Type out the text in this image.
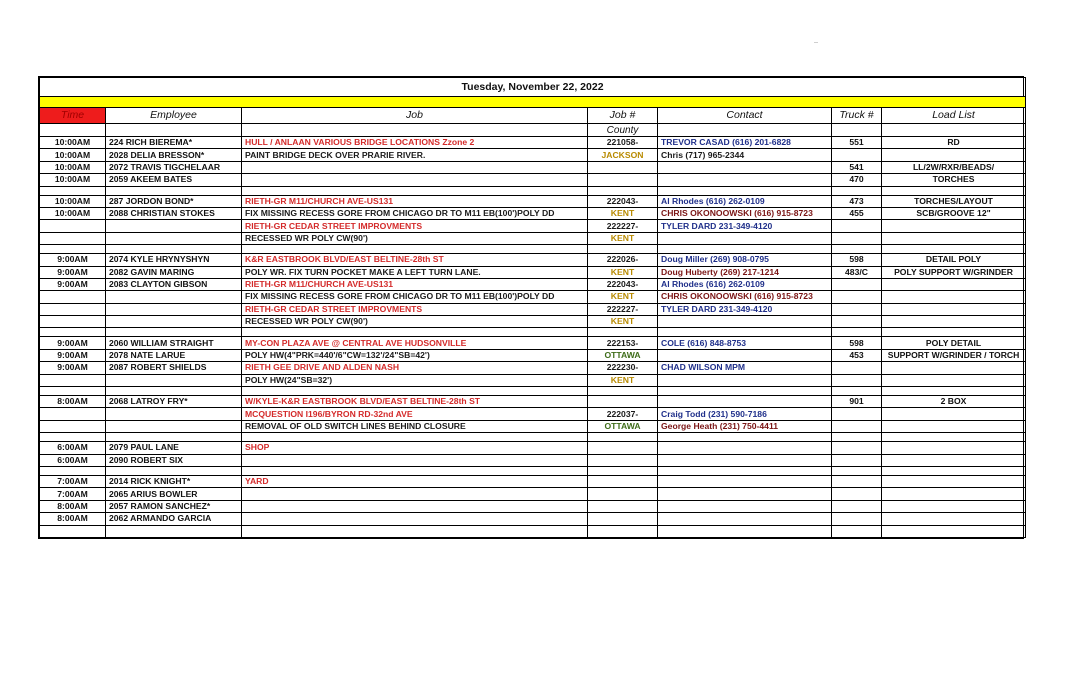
Tuesday, November 22, 2022						

Time	Employee	Job	Job #	Contact	Truck #	Load List
			County			
10:00AM	224 RICH BIEREMA*	HULL / ANLAAN VARIOUS BRIDGE LOCATIONS Zzone 2	221058-	TREVOR CASAD (616) 201-6828	551	RD
10:00AM	2028 DELIA BRESSON*	PAINT BRIDGE DECK OVER PRARIE RIVER.	JACKSON	Chris (717) 965-2344		
10:00AM	2072 TRAVIS TIGCHELAAR				541	LL/2W/RXR/BEADS/
10:00AM	2059 AKEEM BATES				470	TORCHES

10:00AM	287 JORDON BOND*	RIETH-GR M11/CHURCH AVE-US131	222043-	Al Rhodes (616) 262-0109	473	TORCHES/LAYOUT
10:00AM	2088 CHRISTIAN STOKES	FIX MISSING RECESS GORE FROM CHICAGO DR TO M11 EB(100')POLY DD	KENT	CHRIS OKONOOWSKI (616) 915-8723	455	SCB/GROOVE 12"
		RIETH-GR CEDAR STREET IMPROVMENTS	222227-	TYLER DARD 231-349-4120		
		RECESSED WR POLY CW(90')	KENT			

9:00AM	2074 KYLE HRYNYSHYN	K&R EASTBROOK BLVD/EAST BELTINE-28th ST	222026-	Doug Miller (269) 908-0795	598	DETAIL POLY
9:00AM	2082 GAVIN MARING	POLY WR. FIX TURN POCKET MAKE A LEFT TURN LANE.	KENT	Doug Huberty (269) 217-1214	483/C	POLY SUPPORT W/GRINDER
9:00AM	2083 CLAYTON GIBSON	RIETH-GR M11/CHURCH AVE-US131	222043-	Al Rhodes (616) 262-0109		
		FIX MISSING RECESS GORE FROM CHICAGO DR TO M11 EB(100')POLY DD	KENT	CHRIS OKONOOWSKI (616) 915-8723		
		RIETH-GR CEDAR STREET IMPROVMENTS	222227-	TYLER DARD 231-349-4120		
		RECESSED WR POLY CW(90')	KENT			

9:00AM	2060 WILLIAM STRAIGHT	MY-CON PLAZA AVE @ CENTRAL AVE HUDSONVILLE	222153-	COLE (616) 848-8753	598	POLY DETAIL
9:00AM	2078 NATE LARUE	POLY HW(4"PRK=440'/6"CW=132'/24"SB=42')	OTTAWA		453	SUPPORT W/GRINDER / TORCH
9:00AM	2087 ROBERT SHIELDS	RIETH GEE DRIVE AND ALDEN NASH	222230-	CHAD WILSON MPM		
		POLY HW(24"SB=32')	KENT			

8:00AM	2068 LATROY FRY*	W/KYLE-K&R EASTBROOK BLVD/EAST BELTINE-28th ST			901	2 BOX
		MCQUESTION I196/BYRON RD-32nd AVE	222037-	Craig Todd (231) 590-7186		
		REMOVAL OF OLD SWITCH LINES BEHIND CLOSURE	OTTAWA	George Heath (231) 750-4411		

6:00AM	2079 PAUL LANE	SHOP				
6:00AM	2090 ROBERT SIX					

7:00AM	2014 RICK KNIGHT*	YARD				
7:00AM	2065 ARIUS BOWLER					
8:00AM	2057 RAMON SANCHEZ*					
8:00AM	2062 ARMANDO GARCIA					
